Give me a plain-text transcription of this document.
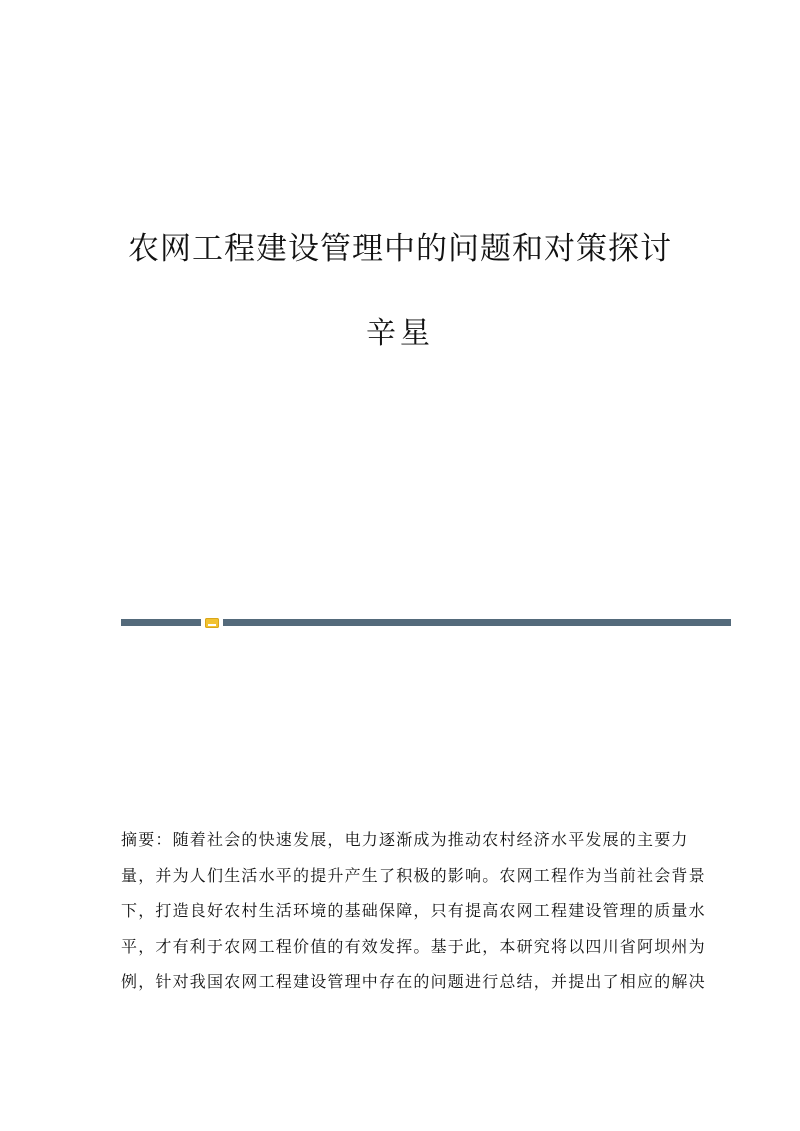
农网工程建设管理中的问题和对策探讨
辛星
摘要：随着社会的快速发展，电力逐渐成为推动农村经济水平发展的主要力
量，并为人们生活水平的提升产生了积极的影响。农网工程作为当前社会背景
下，打造良好农村生活环境的基础保障，只有提高农网工程建设管理的质量水
平，才有利于农网工程价值的有效发挥。基于此，本研究将以四川省阿坝州为
例，针对我国农网工程建设管理中存在的问题进行总结，并提出了相应的解决
